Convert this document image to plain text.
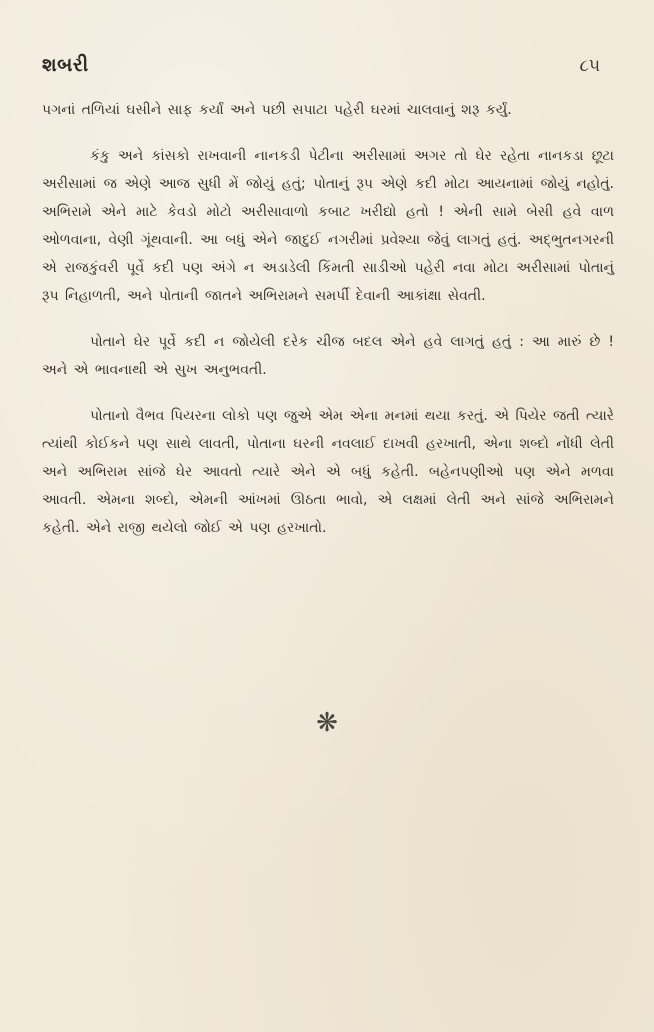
શબરી	૮૫

પગનાં તળિયાં ઘસીને સાફ કર્યાં અને પછી સપાટા પહેરી ઘરમાં ચાલવાનું શરૂ કર્યું.

કંકુ અને કાંસકો રાખવાની નાનકડી પેટીના અરીસામાં અગર તો ઘેર રહેતા નાનકડા છૂટા અરીસામાં જ એણે આજ સુધી મેં જોયું હતું; પોતાનું રૂપ એણે કદી મોટા આયનામાં જોયું નહોતું. અભિરામે એને માટે કેવડો મોટો અરીસાવાળો કબાટ ખરીદ્યો હતો ! એની સામે બેસી હવે વાળ ઓળવાના, વેણી ગૂંથવાની. આ બધું એને જાદુઈ નગરીમાં પ્રવેશ્યા જેવું લાગતું હતું. અદ્ભુતનગરની એ રાજકુંવરી પૂર્વે કદી પણ અંગે ન અડાડેલી કિંમતી સાડીઓ પહેરી નવા મોટા અરીસામાં પોતાનું રૂપ નિહાળતી, અને પોતાની જાતને અભિરામને સમર્પી દેવાની આકાંક્ષા સેવતી.

પોતાને ઘેર પૂર્વે કદી ન જોયેલી દરેક ચીજ બદલ એને હવે લાગતું હતું : આ મારું છે ! અને એ ભાવનાથી એ સુખ અનુભવતી.

પોતાનો વૈભવ પિયરના લોકો પણ જુએ એમ એના મનમાં થયા કરતું. એ પિયેર જતી ત્યારે ત્યાંથી કોઈકને પણ સાથે લાવતી, પોતાના ઘરની નવલાઈ દાખવી હરખાતી, એના શબ્દો નોંધી લેતી અને અભિરામ સાંજે ઘેર આવતો ત્યારે એને એ બધું કહેતી. બહેનપણીઓ પણ એને મળવા આવતી. એમના શબ્દો, એમની આંખમાં ઊઠતા ભાવો, એ લક્ષમાં લેતી અને સાંજે અભિરામને કહેતી. એને રાજી થયેલો જોઈ એ પણ હરખાતો.

❋
